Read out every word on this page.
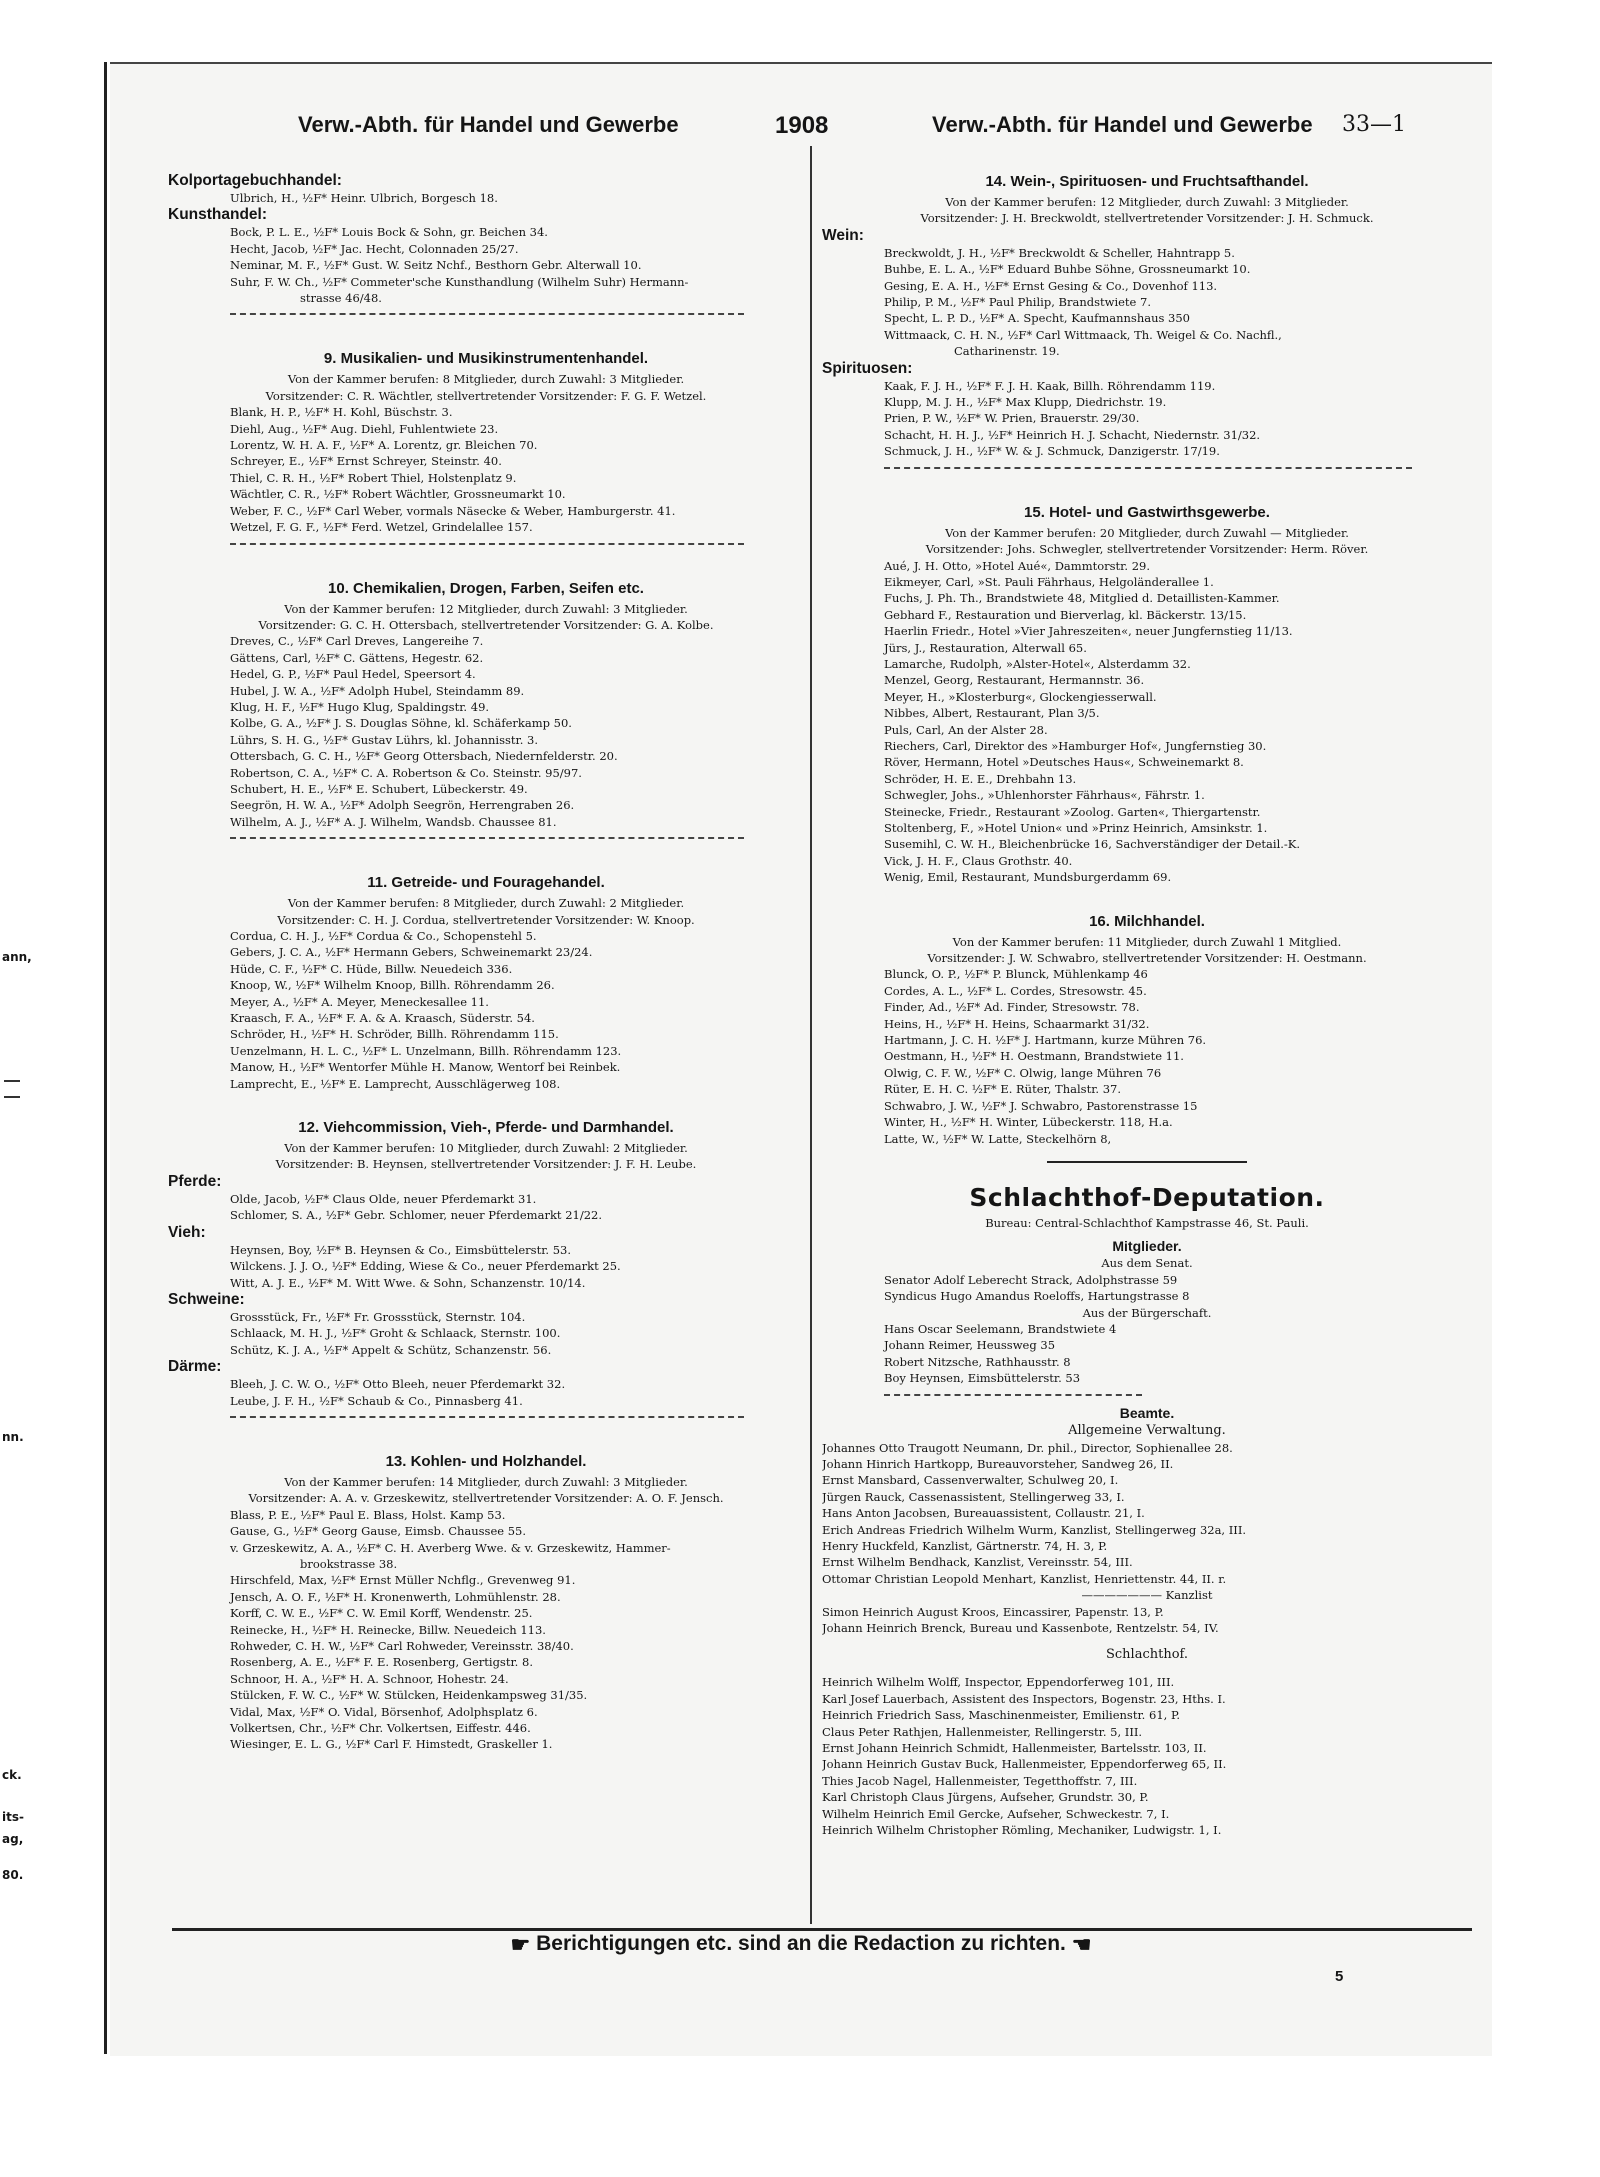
ann,
nn.
ck.
its-
ag,
80.
Verw.-Abth. für Handel und Gewerbe	1908	Verw.-Abth. für Handel und Gewerbe 33—1
Kolportagebuchhandel:
Ulbrich, H., ½F* Heinr. Ulbrich, Borgesch 18.
Kunsthandel:
Bock, P. L. E., ½F* Louis Bock & Sohn, gr. Beichen 34.
Hecht, Jacob, ½F* Jac. Hecht, Colonnaden 25/27.
Neminar, M. F., ½F* Gust. W. Seitz Nchf., Besthorn Gebr. Alterwall 10.
Suhr, F. W. Ch., ½F* Commeter'sche Kunsthandlung (Wilhelm Suhr) Hermann-
strasse 46/48.
9. Musikalien- und Musikinstrumentenhandel.
Von der Kammer berufen: 8 Mitglieder, durch Zuwahl: 3 Mitglieder.
Vorsitzender: C. R. Wächtler, stellvertretender Vorsitzender: F. G. F. Wetzel.
Blank, H. P., ½F* H. Kohl, Büschstr. 3.
Diehl, Aug., ½F* Aug. Diehl, Fuhlentwiete 23.
Lorentz, W. H. A. F., ½F* A. Lorentz, gr. Bleichen 70.
Schreyer, E., ½F* Ernst Schreyer, Steinstr. 40.
Thiel, C. R. H., ½F* Robert Thiel, Holstenplatz 9.
Wächtler, C. R., ½F* Robert Wächtler, Grossneumarkt 10.
Weber, F. C., ½F* Carl Weber, vormals Näsecke & Weber, Hamburgerstr. 41.
Wetzel, F. G. F., ½F* Ferd. Wetzel, Grindelallee 157.
10. Chemikalien, Drogen, Farben, Seifen etc.
Von der Kammer berufen: 12 Mitglieder, durch Zuwahl: 3 Mitglieder.
Vorsitzender: G. C. H. Ottersbach, stellvertretender Vorsitzender: G. A. Kolbe.
Dreves, C., ½F* Carl Dreves, Langereihe 7.
Gättens, Carl, ½F* C. Gättens, Hegestr. 62.
Hedel, G. P., ½F* Paul Hedel, Speersort 4.
Hubel, J. W. A., ½F* Adolph Hubel, Steindamm 89.
Klug, H. F., ½F* Hugo Klug, Spaldingstr. 49.
Kolbe, G. A., ½F* J. S. Douglas Söhne, kl. Schäferkamp 50.
Lührs, S. H. G., ½F* Gustav Lührs, kl. Johannisstr. 3.
Ottersbach, G. C. H., ½F* Georg Ottersbach, Niedernfelderstr. 20.
Robertson, C. A., ½F* C. A. Robertson & Co. Steinstr. 95/97.
Schubert, H. E., ½F* E. Schubert, Lübeckerstr. 49.
Seegrön, H. W. A., ½F* Adolph Seegrön, Herrengraben 26.
Wilhelm, A. J., ½F* A. J. Wilhelm, Wandsb. Chaussee 81.
11. Getreide- und Fouragehandel.
Von der Kammer berufen: 8 Mitglieder, durch Zuwahl: 2 Mitglieder.
Vorsitzender: C. H. J. Cordua, stellvertretender Vorsitzender: W. Knoop.
Cordua, C. H. J., ½F* Cordua & Co., Schopenstehl 5.
Gebers, J. C. A., ½F* Hermann Gebers, Schweinemarkt 23/24.
Hüde, C. F., ½F* C. Hüde, Billw. Neuedeich 336.
Knoop, W., ½F* Wilhelm Knoop, Billh. Röhrendamm 26.
Meyer, A., ½F* A. Meyer, Meneckesallee 11.
Kraasch, F. A., ½F* F. A. & A. Kraasch, Süderstr. 54.
Schröder, H., ½F* H. Schröder, Billh. Röhrendamm 115.
Uenzelmann, H. L. C., ½F* L. Unzelmann, Billh. Röhrendamm 123.
Manow, H., ½F* Wentorfer Mühle H. Manow, Wentorf bei Reinbek.
Lamprecht, E., ½F* E. Lamprecht, Ausschlägerweg 108.
12. Viehcommission, Vieh-, Pferde- und Darmhandel.
Von der Kammer berufen: 10 Mitglieder, durch Zuwahl: 2 Mitglieder.
Vorsitzender: B. Heynsen, stellvertretender Vorsitzender: J. F. H. Leube.
Pferde:
Olde, Jacob, ½F* Claus Olde, neuer Pferdemarkt 31.
Schlomer, S. A., ½F* Gebr. Schlomer, neuer Pferdemarkt 21/22.
Vieh:
Heynsen, Boy, ½F* B. Heynsen & Co., Eimsbüttelerstr. 53.
Wilckens. J. J. O., ½F* Edding, Wiese & Co., neuer Pferdemarkt 25.
Witt, A. J. E., ½F* M. Witt Wwe. & Sohn, Schanzenstr. 10/14.
Schweine:
Grossstück, Fr., ½F* Fr. Grossstück, Sternstr. 104.
Schlaack, M. H. J., ½F* Groht & Schlaack, Sternstr. 100.
Schütz, K. J. A., ½F* Appelt & Schütz, Schanzenstr. 56.
Därme:
Bleeh, J. C. W. O., ½F* Otto Bleeh, neuer Pferdemarkt 32.
Leube, J. F. H., ½F* Schaub & Co., Pinnasberg 41.
13. Kohlen- und Holzhandel.
Von der Kammer berufen: 14 Mitglieder, durch Zuwahl: 3 Mitglieder.
Vorsitzender: A. A. v. Grzeskewitz, stellvertretender Vorsitzender: A. O. F. Jensch.
Blass, P. E., ½F* Paul E. Blass, Holst. Kamp 53.
Gause, G., ½F* Georg Gause, Eimsb. Chaussee 55.
v. Grzeskewitz, A. A., ½F* C. H. Averberg Wwe. & v. Grzeskewitz, Hammer-
brookstrasse 38.
Hirschfeld, Max, ½F* Ernst Müller Nchflg., Grevenweg 91.
Jensch, A. O. F., ½F* H. Kronenwerth, Lohmühlenstr. 28.
Korff, C. W. E., ½F* C. W. Emil Korff, Wendenstr. 25.
Reinecke, H., ½F* H. Reinecke, Billw. Neuedeich 113.
Rohweder, C. H. W., ½F* Carl Rohweder, Vereinsstr. 38/40.
Rosenberg, A. E., ½F* F. E. Rosenberg, Gertigstr. 8.
Schnoor, H. A., ½F* H. A. Schnoor, Hohestr. 24.
Stülcken, F. W. C., ½F* W. Stülcken, Heidenkampsweg 31/35.
Vidal, Max, ½F* O. Vidal, Börsenhof, Adolphsplatz 6.
Volkertsen, Chr., ½F* Chr. Volkertsen, Eiffestr. 446.
Wiesinger, E. L. G., ½F* Carl F. Himstedt, Graskeller 1.
14. Wein-, Spirituosen- und Fruchtsafthandel.
Von der Kammer berufen: 12 Mitglieder, durch Zuwahl: 3 Mitglieder.
Vorsitzender: J. H. Breckwoldt, stellvertretender Vorsitzender: J. H. Schmuck.
Wein:
Breckwoldt, J. H., ½F* Breckwoldt & Scheller, Hahntrapp 5.
Buhbe, E. L. A., ½F* Eduard Buhbe Söhne, Grossneumarkt 10.
Gesing, E. A. H., ½F* Ernst Gesing & Co., Dovenhof 113.
Philip, P. M., ½F* Paul Philip, Brandstwiete 7.
Specht, L. P. D., ½F* A. Specht, Kaufmannshaus 350
Wittmaack, C. H. N., ½F* Carl Wittmaack, Th. Weigel & Co. Nachfl.,
Catharinenstr. 19.
Spirituosen:
Kaak, F. J. H., ½F* F. J. H. Kaak, Billh. Röhrendamm 119.
Klupp, M. J. H., ½F* Max Klupp, Diedrichstr. 19.
Prien, P. W., ½F* W. Prien, Brauerstr. 29/30.
Schacht, H. H. J., ½F* Heinrich H. J. Schacht, Niedernstr. 31/32.
Schmuck, J. H., ½F* W. & J. Schmuck, Danzigerstr. 17/19.
15. Hotel- und Gastwirthsgewerbe.
Von der Kammer berufen: 20 Mitglieder, durch Zuwahl — Mitglieder.
Vorsitzender: Johs. Schwegler, stellvertretender Vorsitzender: Herm. Röver.
Aué, J. H. Otto, »Hotel Aué«, Dammtorstr. 29.
Eikmeyer, Carl, »St. Pauli Fährhaus, Helgoländerallee 1.
Fuchs, J. Ph. Th., Brandstwiete 48, Mitglied d. Detaillisten-Kammer.
Gebhard F., Restauration und Bierverlag, kl. Bäckerstr. 13/15.
Haerlin Friedr., Hotel »Vier Jahreszeiten«, neuer Jungfernstieg 11/13.
Jürs, J., Restauration, Alterwall 65.
Lamarche, Rudolph, »Alster-Hotel«, Alsterdamm 32.
Menzel, Georg, Restaurant, Hermannstr. 36.
Meyer, H., »Klosterburg«, Glockengiesserwall.
Nibbes, Albert, Restaurant, Plan 3/5.
Puls, Carl, An der Alster 28.
Riechers, Carl, Direktor des »Hamburger Hof«, Jungfernstieg 30.
Röver, Hermann, Hotel »Deutsches Haus«, Schweinemarkt 8.
Schröder, H. E. E., Drehbahn 13.
Schwegler, Johs., »Uhlenhorster Fährhaus«, Fährstr. 1.
Steinecke, Friedr., Restaurant »Zoolog. Garten«, Thiergartenstr.
Stoltenberg, F., »Hotel Union« und »Prinz Heinrich, Amsinkstr. 1.
Susemihl, C. W. H., Bleichenbrücke 16, Sachverständiger der Detail.-K.
Vick, J. H. F., Claus Grothstr. 40.
Wenig, Emil, Restaurant, Mundsburgerdamm 69.
16. Milchhandel.
Von der Kammer berufen: 11 Mitglieder, durch Zuwahl 1 Mitglied.
Vorsitzender: J. W. Schwabro, stellvertretender Vorsitzender: H. Oestmann.
Blunck, O. P., ½F* P. Blunck, Mühlenkamp 46
Cordes, A. L., ½F* L. Cordes, Stresowstr. 45.
Finder, Ad., ½F* Ad. Finder, Stresowstr. 78.
Heins, H., ½F* H. Heins, Schaarmarkt 31/32.
Hartmann, J. C. H. ½F* J. Hartmann, kurze Mühren 76.
Oestmann, H., ½F* H. Oestmann, Brandstwiete 11.
Olwig, C. F. W., ½F* C. Olwig, lange Mühren 76
Rüter, E. H. C. ½F* E. Rüter, Thalstr. 37.
Schwabro, J. W., ½F* J. Schwabro, Pastorenstrasse 15
Winter, H., ½F* H. Winter, Lübeckerstr. 118, H.a.
Latte, W., ½F* W. Latte, Steckelhörn 8,
Schlachthof-Deputation.
Bureau: Central-Schlachthof Kampstrasse 46, St. Pauli.
Mitglieder.
Aus dem Senat.
Senator Adolf Leberecht Strack, Adolphstrasse 59
Syndicus Hugo Amandus Roeloffs, Hartungstrasse 8
Aus der Bürgerschaft.
Hans Oscar Seelemann, Brandstwiete 4
Johann Reimer, Heussweg 35
Robert Nitzsche, Rathhausstr. 8
Boy Heynsen, Eimsbüttelerstr. 53
Beamte.
Allgemeine Verwaltung.
Johannes Otto Traugott Neumann, Dr. phil., Director, Sophienallee 28.
Johann Hinrich Hartkopp, Bureauvorsteher, Sandweg 26, II.
Ernst Mansbard, Cassenverwalter, Schulweg 20, I.
Jürgen Rauck, Cassenassistent, Stellingerweg 33, I.
Hans Anton Jacobsen, Bureauassistent, Collaustr. 21, I.
Erich Andreas Friedrich Wilhelm Wurm, Kanzlist, Stellingerweg 32a, III.
Henry Huckfeld, Kanzlist, Gärtnerstr. 74, H. 3, P.
Ernst Wilhelm Bendhack, Kanzlist, Vereinsstr. 54, III.
Ottomar Christian Leopold Menhart, Kanzlist, Henriettenstr. 44, II. r.
——————— Kanzlist
Simon Heinrich August Kroos, Eincassirer, Papenstr. 13, P.
Johann Heinrich Brenck, Bureau und Kassenbote, Rentzelstr. 54, IV.
Schlachthof.
Heinrich Wilhelm Wolff, Inspector, Eppendorferweg 101, III.
Karl Josef Lauerbach, Assistent des Inspectors, Bogenstr. 23, Hths. I.
Heinrich Friedrich Sass, Maschinenmeister, Emilienstr. 61, P.
Claus Peter Rathjen, Hallenmeister, Rellingerstr. 5, III.
Ernst Johann Heinrich Schmidt, Hallenmeister, Bartelsstr. 103, II.
Johann Heinrich Gustav Buck, Hallenmeister, Eppendorferweg 65, II.
Thies Jacob Nagel, Hallenmeister, Tegetthoffstr. 7, III.
Karl Christoph Claus Jürgens, Aufseher, Grundstr. 30, P.
Wilhelm Heinrich Emil Gercke, Aufseher, Schweckestr. 7, I.
Heinrich Wilhelm Christopher Römling, Mechaniker, Ludwigstr. 1, I.
☛ Berichtigungen etc. sind an die Redaction zu richten. ☚
5
